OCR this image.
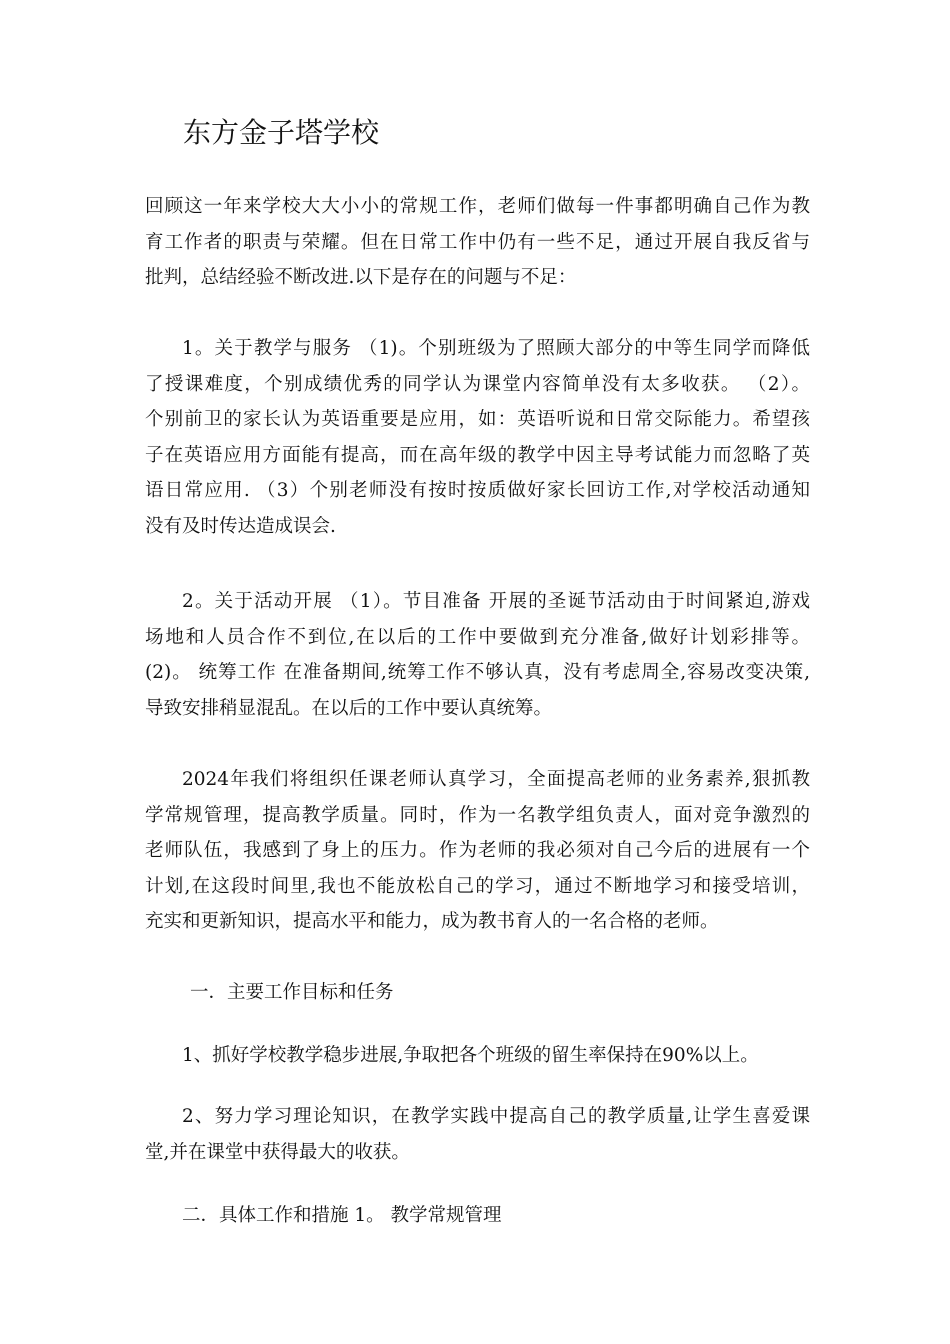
东方金子塔学校

回顾这一年来学校大大小小的常规工作，老师们做每一件事都明确自己作为教
育工作者的职责与荣耀。但在日常工作中仍有一些不足，通过开展自我反省与
批判，总结经验不断改进.以下是存在的问题与不足：

1。关于教学与服务 （1)。个别班级为了照顾大部分的中等生同学而降低
了授课难度，个别成绩优秀的同学认为课堂内容简单没有太多收获。 （2）。
个别前卫的家长认为英语重要是应用，如：英语听说和日常交际能力。希望孩
子在英语应用方面能有提高，而在高年级的教学中因主导考试能力而忽略了英
语日常应用. （3）个别老师没有按时按质做好家长回访工作,对学校活动通知
没有及时传达造成误会.

2。关于活动开展 （1）。节目准备 开展的圣诞节活动由于时间紧迫,游戏
场地和人员合作不到位,在以后的工作中要做到充分准备,做好计划彩排等。
(2)。 统筹工作 在准备期间,统筹工作不够认真，没有考虑周全,容易改变决策,
导致安排稍显混乱。在以后的工作中要认真统筹。

2024年我们将组织任课老师认真学习，全面提高老师的业务素养,狠抓教
学常规管理，提高教学质量。同时，作为一名教学组负责人，面对竞争激烈的
老师队伍，我感到了身上的压力。作为老师的我必须对自己今后的进展有一个
计划,在这段时间里,我也不能放松自己的学习，通过不断地学习和接受培训，
充实和更新知识，提高水平和能力，成为教书育人的一名合格的老师。

一．主要工作目标和任务

1、抓好学校教学稳步进展,争取把各个班级的留生率保持在90%以上。

2、努力学习理论知识，在教学实践中提高自己的教学质量,让学生喜爱课
堂,并在课堂中获得最大的收获。

二．具体工作和措施 1。 教学常规管理
